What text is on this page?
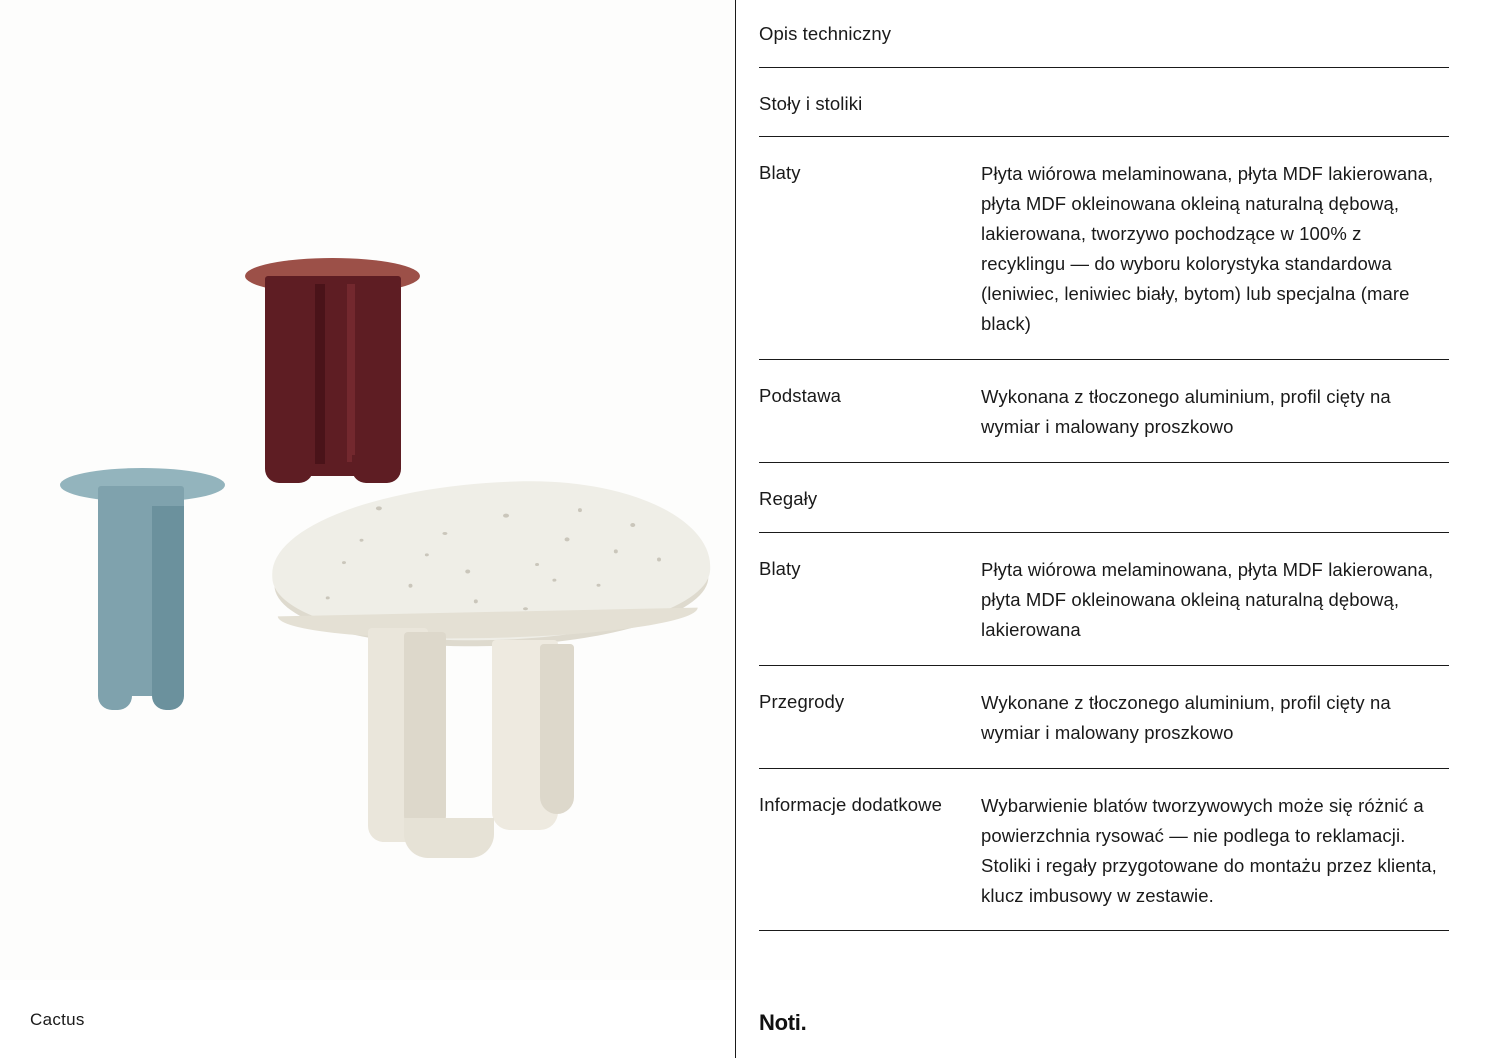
Cactus
Opis techniczny
Stoły i stoliki
Blaty	Płyta wiórowa melaminowana, płyta MDF lakierowana, płyta MDF okleinowana okleiną naturalną dębową, lakierowana, tworzywo pochodzące w 100% z recyklingu — do wyboru kolorystyka standardowa (leniwiec, leniwiec biały, bytom) lub specjalna (mare black)
Podstawa	Wykonana z tłoczonego aluminium, profil cięty na wymiar i malowany proszkowo
Regały
Blaty	Płyta wiórowa melaminowana, płyta MDF lakierowana, płyta MDF okleinowana okleiną naturalną dębową, lakierowana
Przegrody	Wykonane z tłoczonego aluminium, profil cięty na wymiar i malowany proszkowo
Informacje dodatkowe	Wybarwienie blatów tworzywowych może się różnić a powierzchnia rysować — nie podlega to reklamacji. Stoliki i regały przygotowane do montażu przez klienta, klucz imbusowy w zestawie.
Noti.
